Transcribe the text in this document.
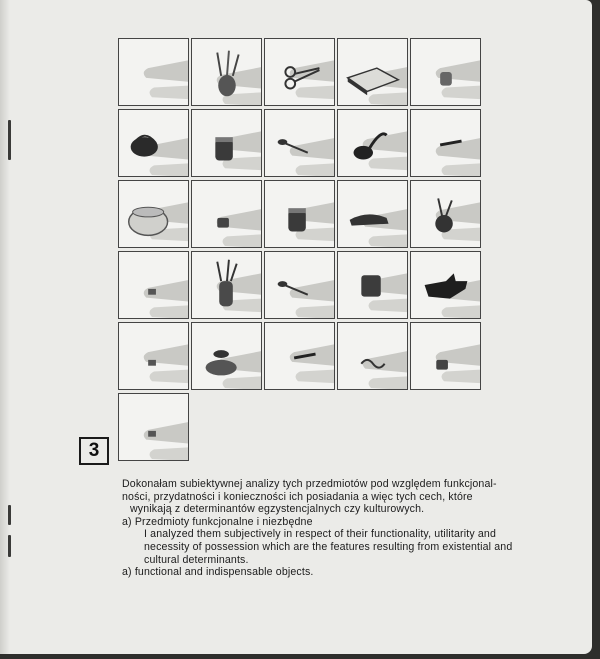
3

Dokonałam subiektywnej analizy tych przedmiotów pod względem funkcjonal-

ności, przydatności i konieczności ich posiadania a więc tych cech, które

wynikają z determinantów egzystencjalnych czy kulturowych.

a) Przedmioty funkcjonalne i niezbędne

I analyzed them subjectively in respect of their functionality, utilitarity and

necessity of possession which are the features resulting from existential and

cultural determinants.

a) functional and indispensable objects.
